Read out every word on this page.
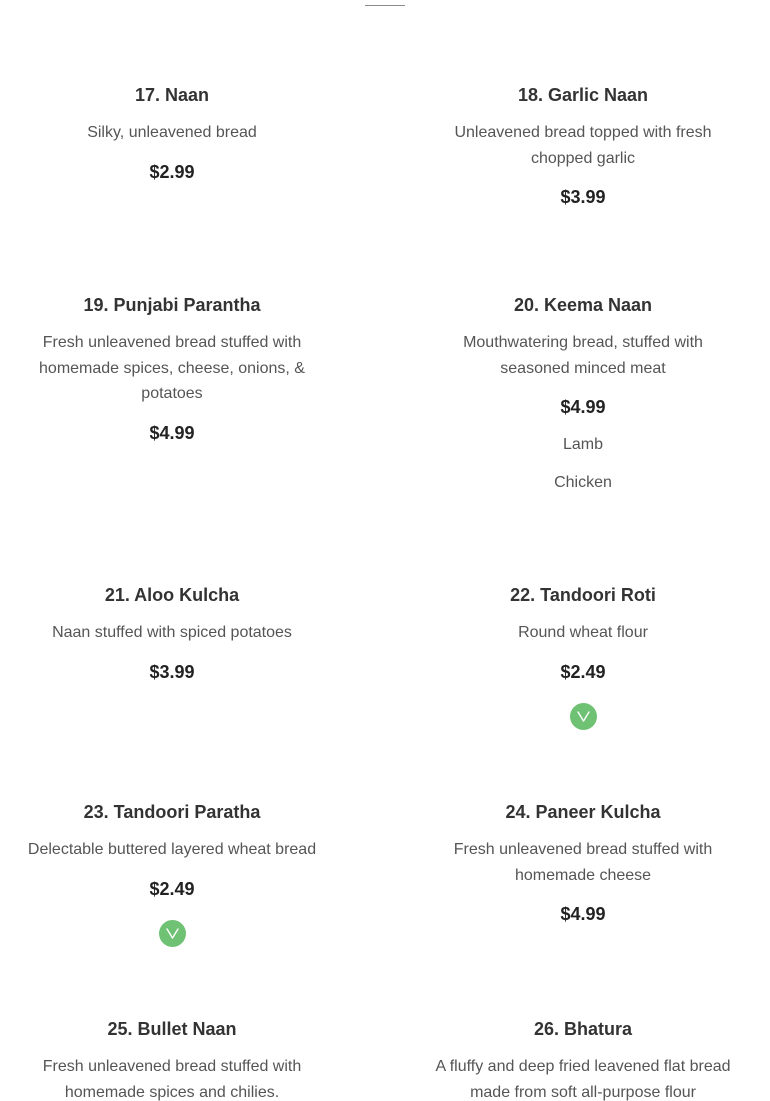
17. Naan
Silky, unleavened bread
$2.99
18. Garlic Naan
Unleavened bread topped with fresh chopped garlic
$3.99
19. Punjabi Parantha
Fresh unleavened bread stuffed with homemade spices, cheese, onions, & potatoes
$4.99
20. Keema Naan
Mouthwatering bread, stuffed with seasoned minced meat
$4.99
Lamb
Chicken
21. Aloo Kulcha
Naan stuffed with spiced potatoes
$3.99
22. Tandoori Roti
Round wheat flour
$2.49
23. Tandoori Paratha
Delectable buttered layered wheat bread
$2.49
24. Paneer Kulcha
Fresh unleavened bread stuffed with homemade cheese
$4.99
25. Bullet Naan
Fresh unleavened bread stuffed with homemade spices and chilies.
26. Bhatura
A fluffy and deep fried leavened flat bread made from soft all-purpose flour
